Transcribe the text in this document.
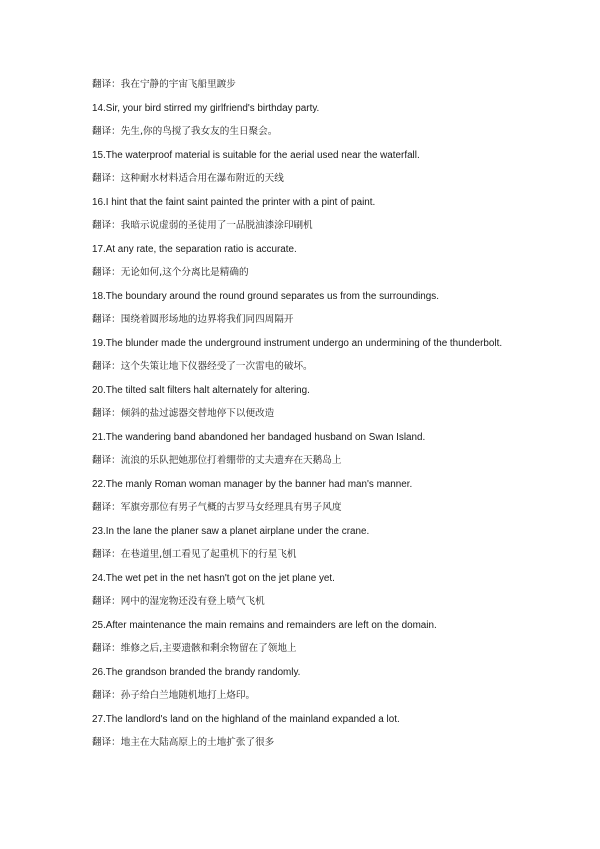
翻译：我在宁静的宇宙飞船里踱步
14.Sir, your bird stirred my girlfriend's birthday party.
翻译：先生,你的鸟搅了我女友的生日聚会。
15.The waterproof material is suitable for the aerial used near the waterfall.
翻译：这种耐水材料适合用在瀑布附近的天线
16.I hint that the faint saint painted the printer with a pint of paint.
翻译：我暗示说虚弱的圣徒用了一品脱油漆涂印刷机
17.At any rate, the separation ratio is accurate.
翻译：无论如何,这个分离比是精确的
18.The boundary around the round ground separates us from the surroundings.
翻译：围绕着圆形场地的边界将我们同四周隔开
19.The blunder made the underground instrument undergo an undermining of the thunderbolt.
翻译：这个失策让地下仪器经受了一次雷电的破坏。
20.The tilted salt filters halt alternately for altering.
翻译：倾斜的盐过滤器交替地停下以便改造
21.The wandering band abandoned her bandaged husband on Swan Island.
翻译：流浪的乐队把她那位打着绷带的丈夫遗弃在天鹅岛上
22.The manly Roman woman manager by the banner had man's manner.
翻译：军旗旁那位有男子气概的古罗马女经理具有男子风度
23.In the lane the planer saw a planet airplane under the crane.
翻译：在巷道里,刨工看见了起重机下的行星飞机
24.The wet pet in the net hasn't got on the jet plane yet.
翻译：网中的湿宠物还没有登上喷气飞机
25.After maintenance the main remains and remainders are left on the domain.
翻译：维修之后,主要遗骸和剩余物留在了领地上
26.The grandson branded the brandy randomly.
翻译：孙子给白兰地随机地打上烙印。
27.The landlord's land on the highland of the mainland expanded a lot.
翻译：地主在大陆高原上的土地扩张了很多
